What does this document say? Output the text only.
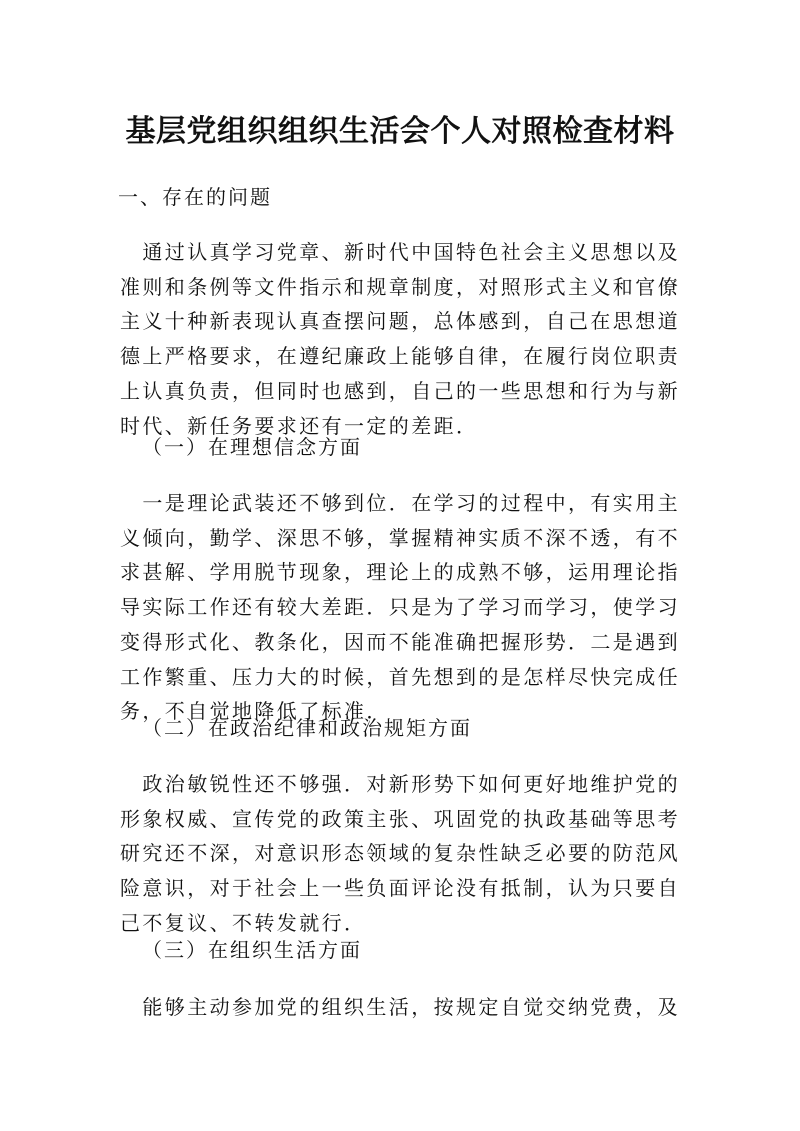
基层党组织组织生活会个人对照检查材料

一、存在的问题

　通过认真学习党章、新时代中国特色社会主义思想以及
准则和条例等文件指示和规章制度，对照形式主义和官僚
主义十种新表现认真查摆问题，总体感到，自己在思想道
德上严格要求，在遵纪廉政上能够自律，在履行岗位职责
上认真负责，但同时也感到，自己的一些思想和行为与新
时代、新任务要求还有一定的差距．

（一）在理想信念方面

　一是理论武装还不够到位．在学习的过程中，有实用主
义倾向，勤学、深思不够，掌握精神实质不深不透，有不
求甚解、学用脱节现象，理论上的成熟不够，运用理论指
导实际工作还有较大差距．只是为了学习而学习，使学习
变得形式化、教条化，因而不能准确把握形势．二是遇到
工作繁重、压力大的时候，首先想到的是怎样尽快完成任
务，不自觉地降低了标准．

（二）在政治纪律和政治规矩方面

　政治敏锐性还不够强．对新形势下如何更好地维护党的
形象权威、宣传党的政策主张、巩固党的执政基础等思考
研究还不深，对意识形态领域的复杂性缺乏必要的防范风
险意识，对于社会上一些负面评论没有抵制，认为只要自
己不复议、不转发就行．

（三）在组织生活方面

　能够主动参加党的组织生活，按规定自觉交纳党费，及
